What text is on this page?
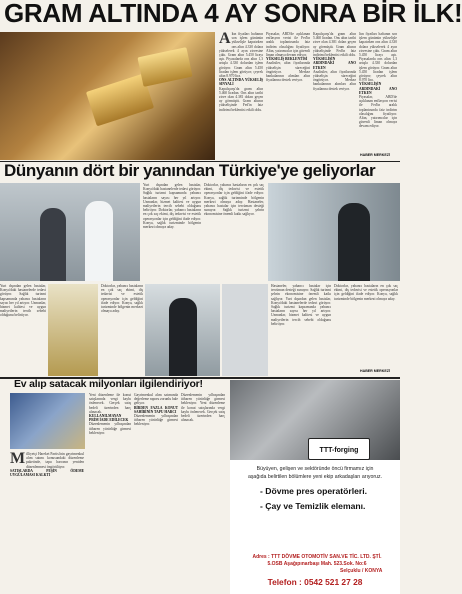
GRAM ALTINDA 4 AY SONRA BİR İLK!
A ltın fiyatları haftanın son işlem gününün yükselişle kapatırken ons altın 4.330 dolara yükselerek 4 ayın zirvesine çıktı. Gram altın 5.450 lirayı aştı. Piyasalarda ons altın 1,3 artışla 4.330 dolardan işlem görüyor. Gram altın 5.450 liradan işlem görüyor; çeyrek altın 8.970 lira.
ONS ALTINDA YÜKSELİŞ SINYALİ
Kapalıçarşı'da gram altın 5.460 liradan. Ons altın tarihi zirve olan 4.381 doları geçen ay görmüştü. Gram altının yükselişinde Fed'in faiz indirimi beklentisi etkili oldu.
Piyasalar, ABD'de açıklanan enflasyon verisi ile Fed'in aralık toplantısında faiz indirim olasılığını fiyatlıyor. Altın, yatırımcılar için güvenli liman olmaya devam ediyor.
YÜKSELİŞ BEKLENTİSİ
Analistler, altın fiyatlarında yükselişin süreceğini öngörüyor. Merkez bankalarının alımları altın fiyatlarına destek veriyor.
Kapalıçarşı'da gram altın 5.460 liradan. Ons altın tarihi zirve olan 4.381 doları geçen ay görmüştü. Gram altının yükselişinde Fed'in faiz indirimi beklentisi etkili oldu.
YÜKSELİŞİN ARDINDAKİ ANO ETKEN
Analistler, altın fiyatlarında yükselişin süreceğini öngörüyor. Merkez bankalarının alımları altın fiyatlarına destek veriyor.
ltın fiyatları haftanın son işlem gününün yükselişle kapatırken ons altın 4.330 dolara yükselerek 4 ayın zirvesine çıktı. Gram altın 5.450 lirayı aştı. Piyasalarda ons altın 1,3 artışla 4.330 dolardan işlem görüyor. Gram altın 5.450 liradan işlem görüyor; çeyrek altın 8.970 lira.
YÜKSELİŞİN ARDINDAKİ ANO ETKEN
Piyasalar, ABD'de açıklanan enflasyon verisi ile Fed'in aralık toplantısında faiz indirim olasılığını fiyatlıyor. Altın, yatırımcılar için güvenli liman olmaya devam ediyor.
HABER MERKEZİ
Dünyanın dört bir yanından Türkiye'ye geliyorlar
Yurt dışından gelen hastalar, Konya'daki hastanelerde tedavi görüyor. Sağlık turizmi kapsamında yabancı hastaların sayısı her yıl artıyor. Uzmanlar, hizmet kalitesi ve uygun maliyetlerin tercih sebebi olduğunu belirtiyor. Doktorlar, yabancı hastaların en çok saç ekimi, diş tedavisi ve estetik operasyonlar için geldiğini ifade ediyor. Konya, sağlık turizminde bölgenin merkezi olmaya aday.
Doktorlar, yabancı hastaların en çok saç ekimi, diş tedavisi ve estetik operasyonlar için geldiğini ifade ediyor. Konya, sağlık turizminde bölgenin merkezi olmaya aday. Hastaneler, yabancı hastalar için tercüman desteği sunuyor. Sağlık turizmi şehrin ekonomisine önemli katkı sağlıyor.
Yurt dışından gelen hastalar, Konya'daki hastanelerde tedavi görüyor. Sağlık turizmi kapsamında yabancı hastaların sayısı her yıl artıyor. Uzmanlar, hizmet kalitesi ve uygun maliyetlerin tercih sebebi olduğunu belirtiyor.
Doktorlar, yabancı hastaların en çok saç ekimi, diş tedavisi ve estetik operasyonlar için geldiğini ifade ediyor. Konya, sağlık turizminde bölgenin merkezi olmaya aday.
Hastaneler, yabancı hastalar için tercüman desteği sunuyor. Sağlık turizmi şehrin ekonomisine önemli katkı sağlıyor. Yurt dışından gelen hastalar, Konya'daki hastanelerde tedavi görüyor. Sağlık turizmi kapsamında yabancı hastaların sayısı her yıl artıyor. Uzmanlar, hizmet kalitesi ve uygun maliyetlerin tercih sebebi olduğunu belirtiyor.
Doktorlar, yabancı hastaların en çok saç ekimi, diş tedavisi ve estetik operasyonlar için geldiğini ifade ediyor. Konya, sağlık turizminde bölgenin merkezi olmaya aday.
HABER MERKEZİ
Ev alıp satacak milyonları ilgilendiriyor!
M illiyetçi Hareket Partisi'nin gayrimenkul alım satımı konusundaki düzenleme paketinde, tapu harcının yeniden düzenlenmesi öngörülüyor.
SATIŞLARDA PEŞİN ÖDEME UYGULAMASI KALKTI
Yeni düzenleme ile konut satışlarında vergi kaybı önlenecek. Gerçek satış bedeli üzerinden harç alınacak.
KULLANILMAYAN PRİM İADE EDİLECEK
Düzenlemenin yılbaşından itibaren yürürlüğe girmesi bekleniyor.
Gayrimenkul alım satımında değerleme raporu zorunlu hale geliyor.
BİRDEN FAZLA KONUT SAHİBİNİN TAPU HARCI
Düzenlemenin yılbaşından itibaren yürürlüğe girmesi bekleniyor.
Düzenlemenin yılbaşından itibaren yürürlüğe girmesi bekleniyor. Yeni düzenleme ile konut satışlarında vergi kaybı önlenecek. Gerçek satış bedeli üzerinden harç alınacak.
TTT-forging
Büyüyen, gelişen ve sektöründe öncü firmamız için
aşağıda belirtilen bölümlere yeni ekip arkadaşları arıyoruz.
- Dövme pres operatörleri.
- Çay ve Temizlik elemanı.
Adres : TTT DÖVME OTOMOTİV SAN.VE TİC. LTD. ŞTİ.
5.OSB Aşağıpınarbaşı Mah. 523.Sok. No:6
Selçuklu / KONYA
Telefon : 0542 521 27 28
